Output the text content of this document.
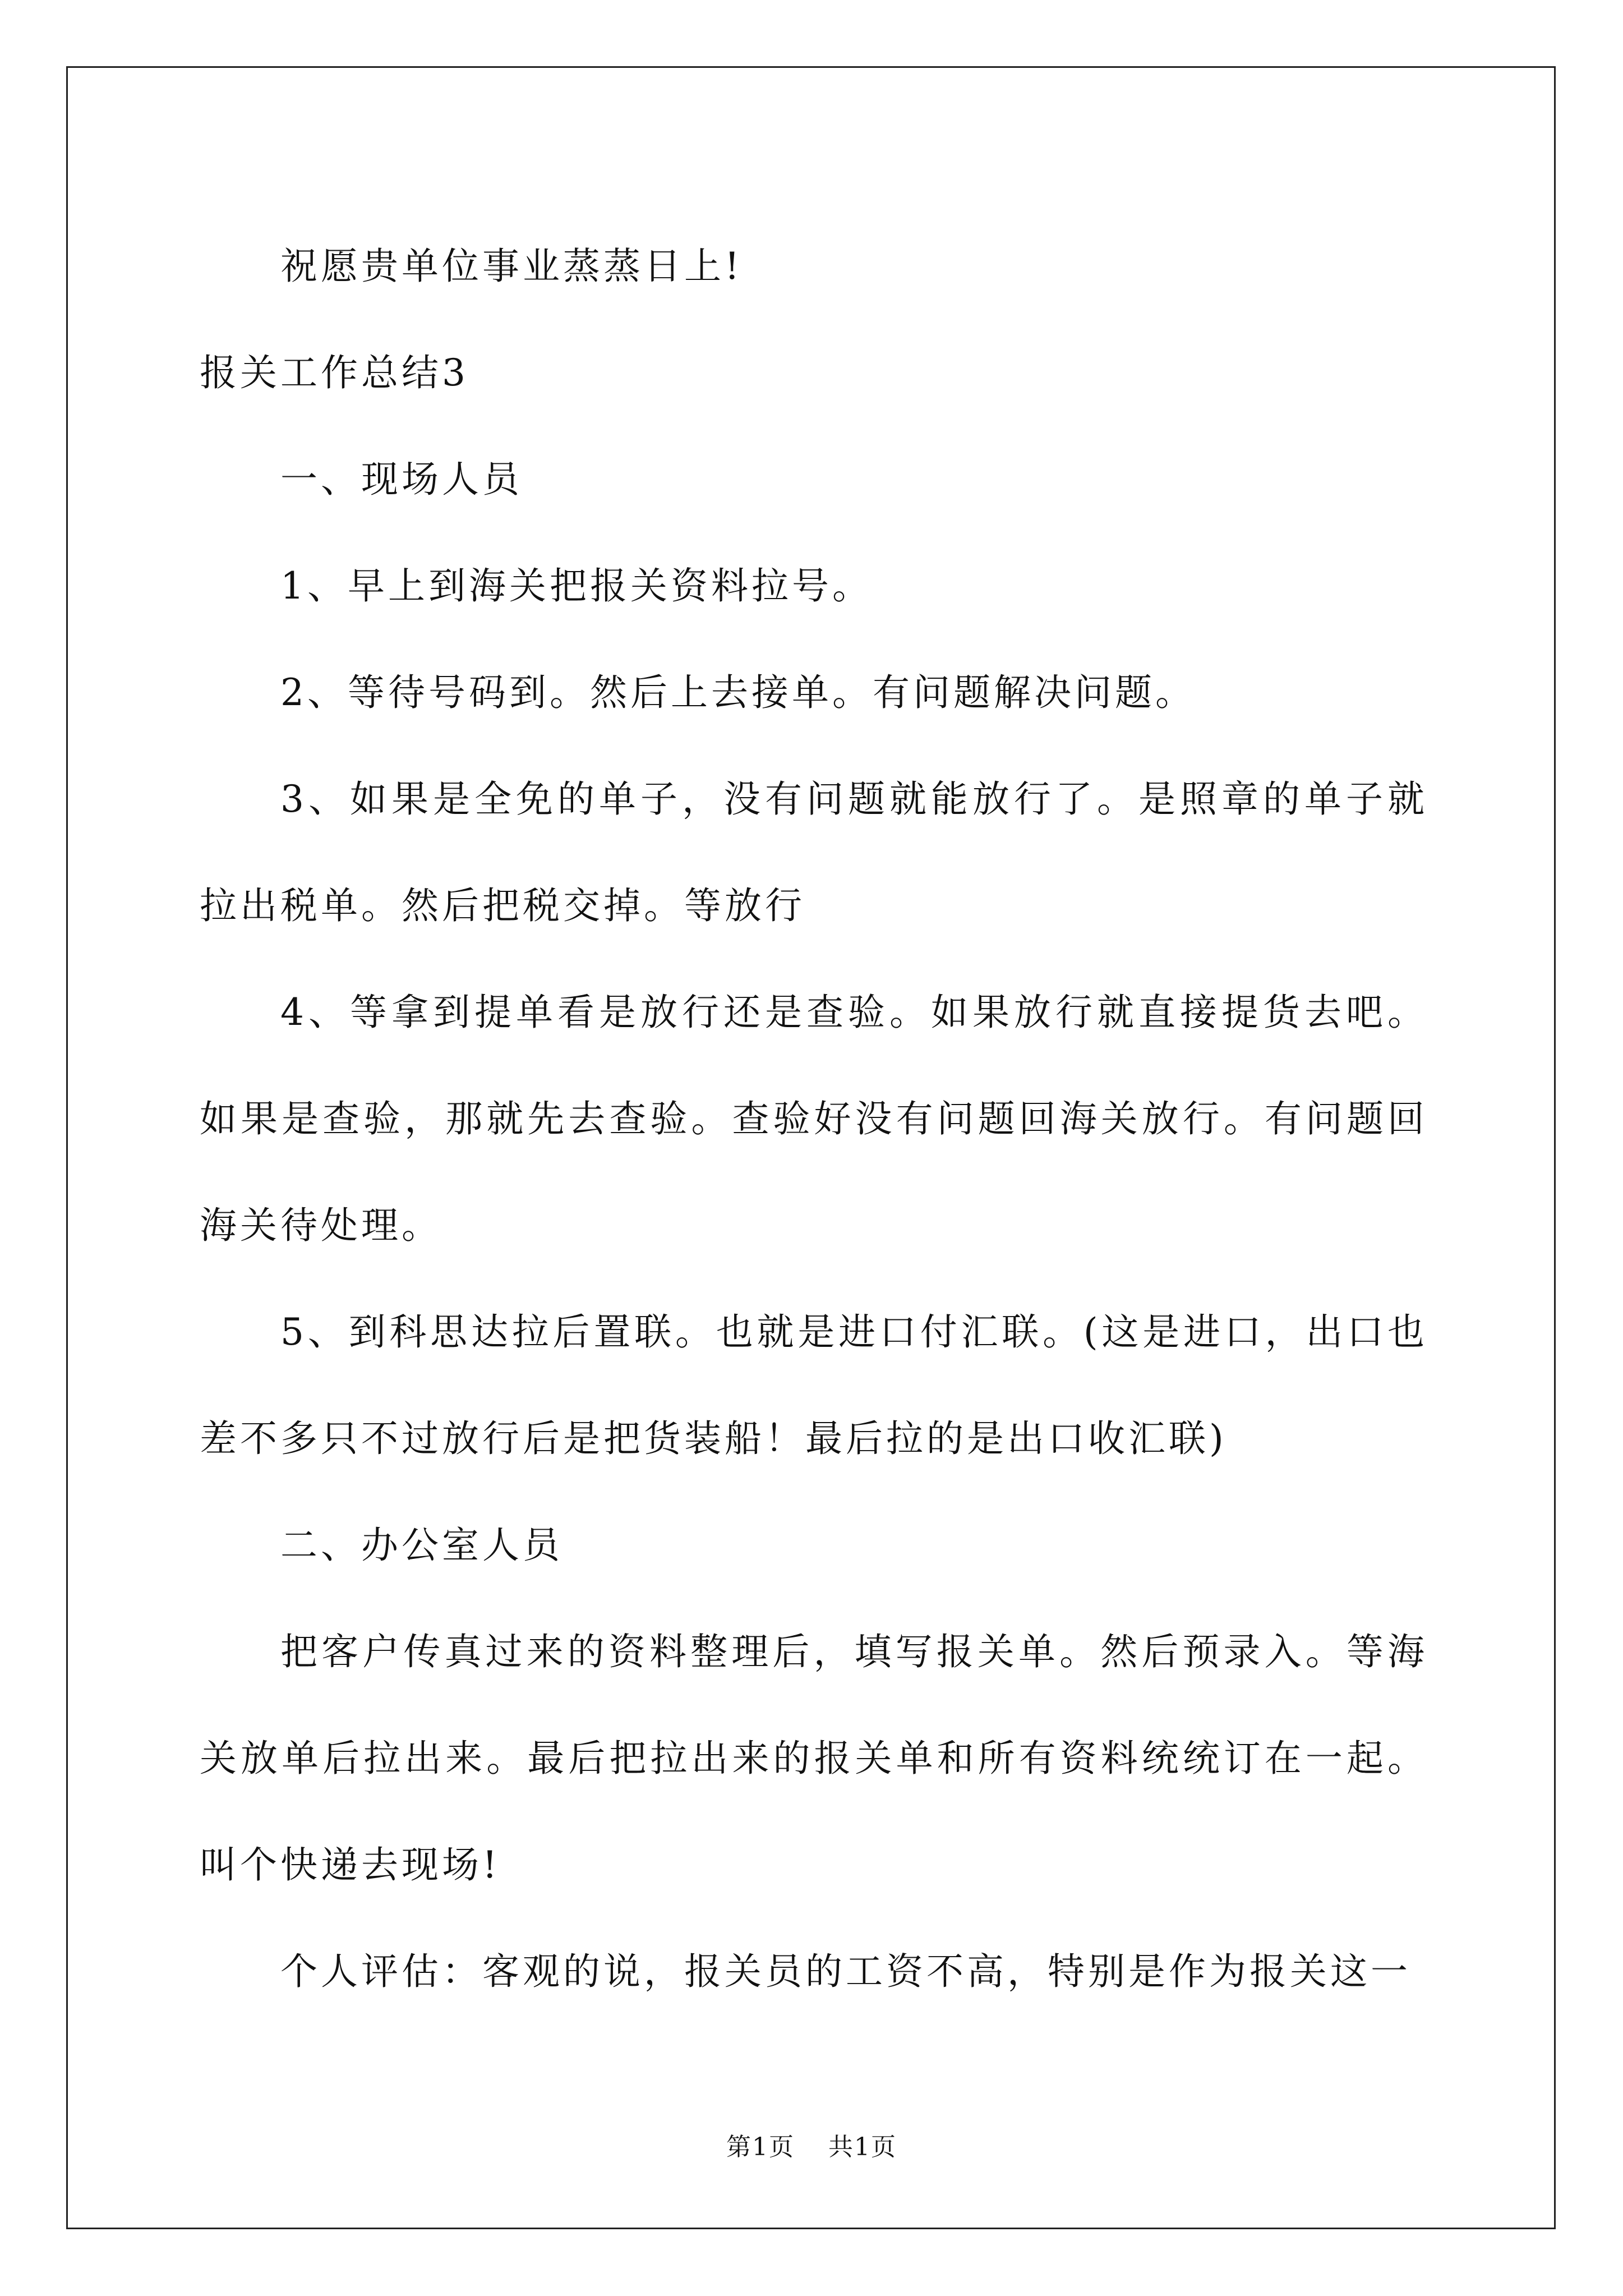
祝愿贵单位事业蒸蒸日上!

报关工作总结3

一、现场人员

1、早上到海关把报关资料拉号。

2、等待号码到。然后上去接单。有问题解决问题。

3、如果是全免的单子，没有问题就能放行了。是照章的单子就拉出税单。然后把税交掉。等放行

4、等拿到提单看是放行还是查验。如果放行就直接提货去吧。如果是查验，那就先去查验。查验好没有问题回海关放行。有问题回海关待处理。

5、到科思达拉后置联。也就是进口付汇联。(这是进口，出口也差不多只不过放行后是把货装船！最后拉的是出口收汇联)

二、办公室人员

把客户传真过来的资料整理后，填写报关单。然后预录入。等海关放单后拉出来。最后把拉出来的报关单和所有资料统统订在一起。叫个快递去现场!

个人评估：客观的说，报关员的工资不高，特别是作为报关这一

第1页 共1页
